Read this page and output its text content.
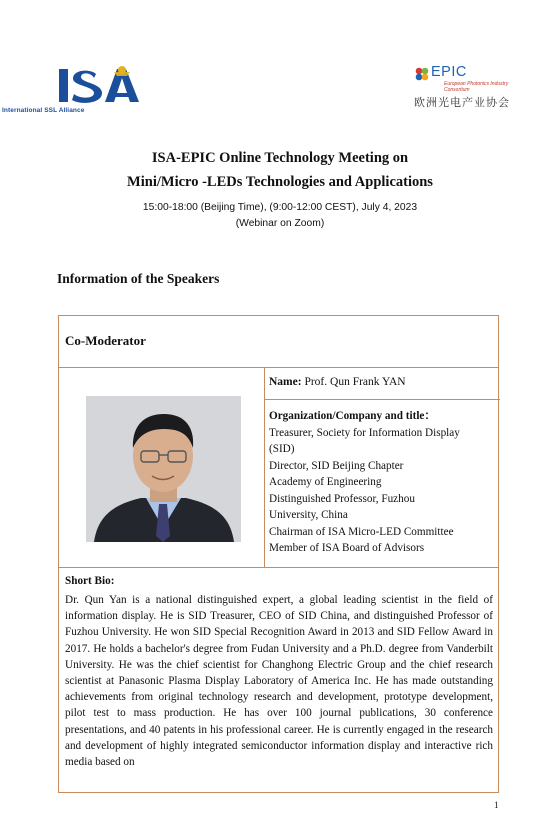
International SSL Alliance
EPIC
European Photonics Industry Consortium
欧洲光电产业协会
ISA-EPIC Online Technology Meeting on
Mini/Micro -LEDs Technologies and Applications
15:00-18:00 (Beijing Time), (9:00-12:00 CEST), July 4, 2023
(Webinar on Zoom)
Information of the Speakers
Co-Moderator
Name: Prof. Qun Frank YAN
Organization/Company and title：
Treasurer, Society for Information Display
(SID)
Director, SID Beijing Chapter
Academy of Engineering
Distinguished Professor, Fuzhou
University, China
Chairman of ISA Micro-LED Committee
Member of ISA Board of Advisors
Short Bio:
Dr. Qun Yan is a national distinguished expert, a global leading scientist in the field of information display. He is SID Treasurer, CEO of SID China, and distinguished Professor of Fuzhou University. He won SID Special Recognition Award in 2013 and SID Fellow Award in 2017. He holds a bachelor's degree from Fudan University and a Ph.D. degree from Vanderbilt University. He was the chief scientist for Changhong Electric Group and the chief research scientist at Panasonic Plasma Display Laboratory of America Inc. He has made outstanding achievements from original technology research and development, prototype development, pilot test to mass production. He has over 100 journal publications, 30 conference presentations, and 40 patents in his professional career. He is currently engaged in the research and development of highly integrated semiconductor information display and interactive rich media based on
1
